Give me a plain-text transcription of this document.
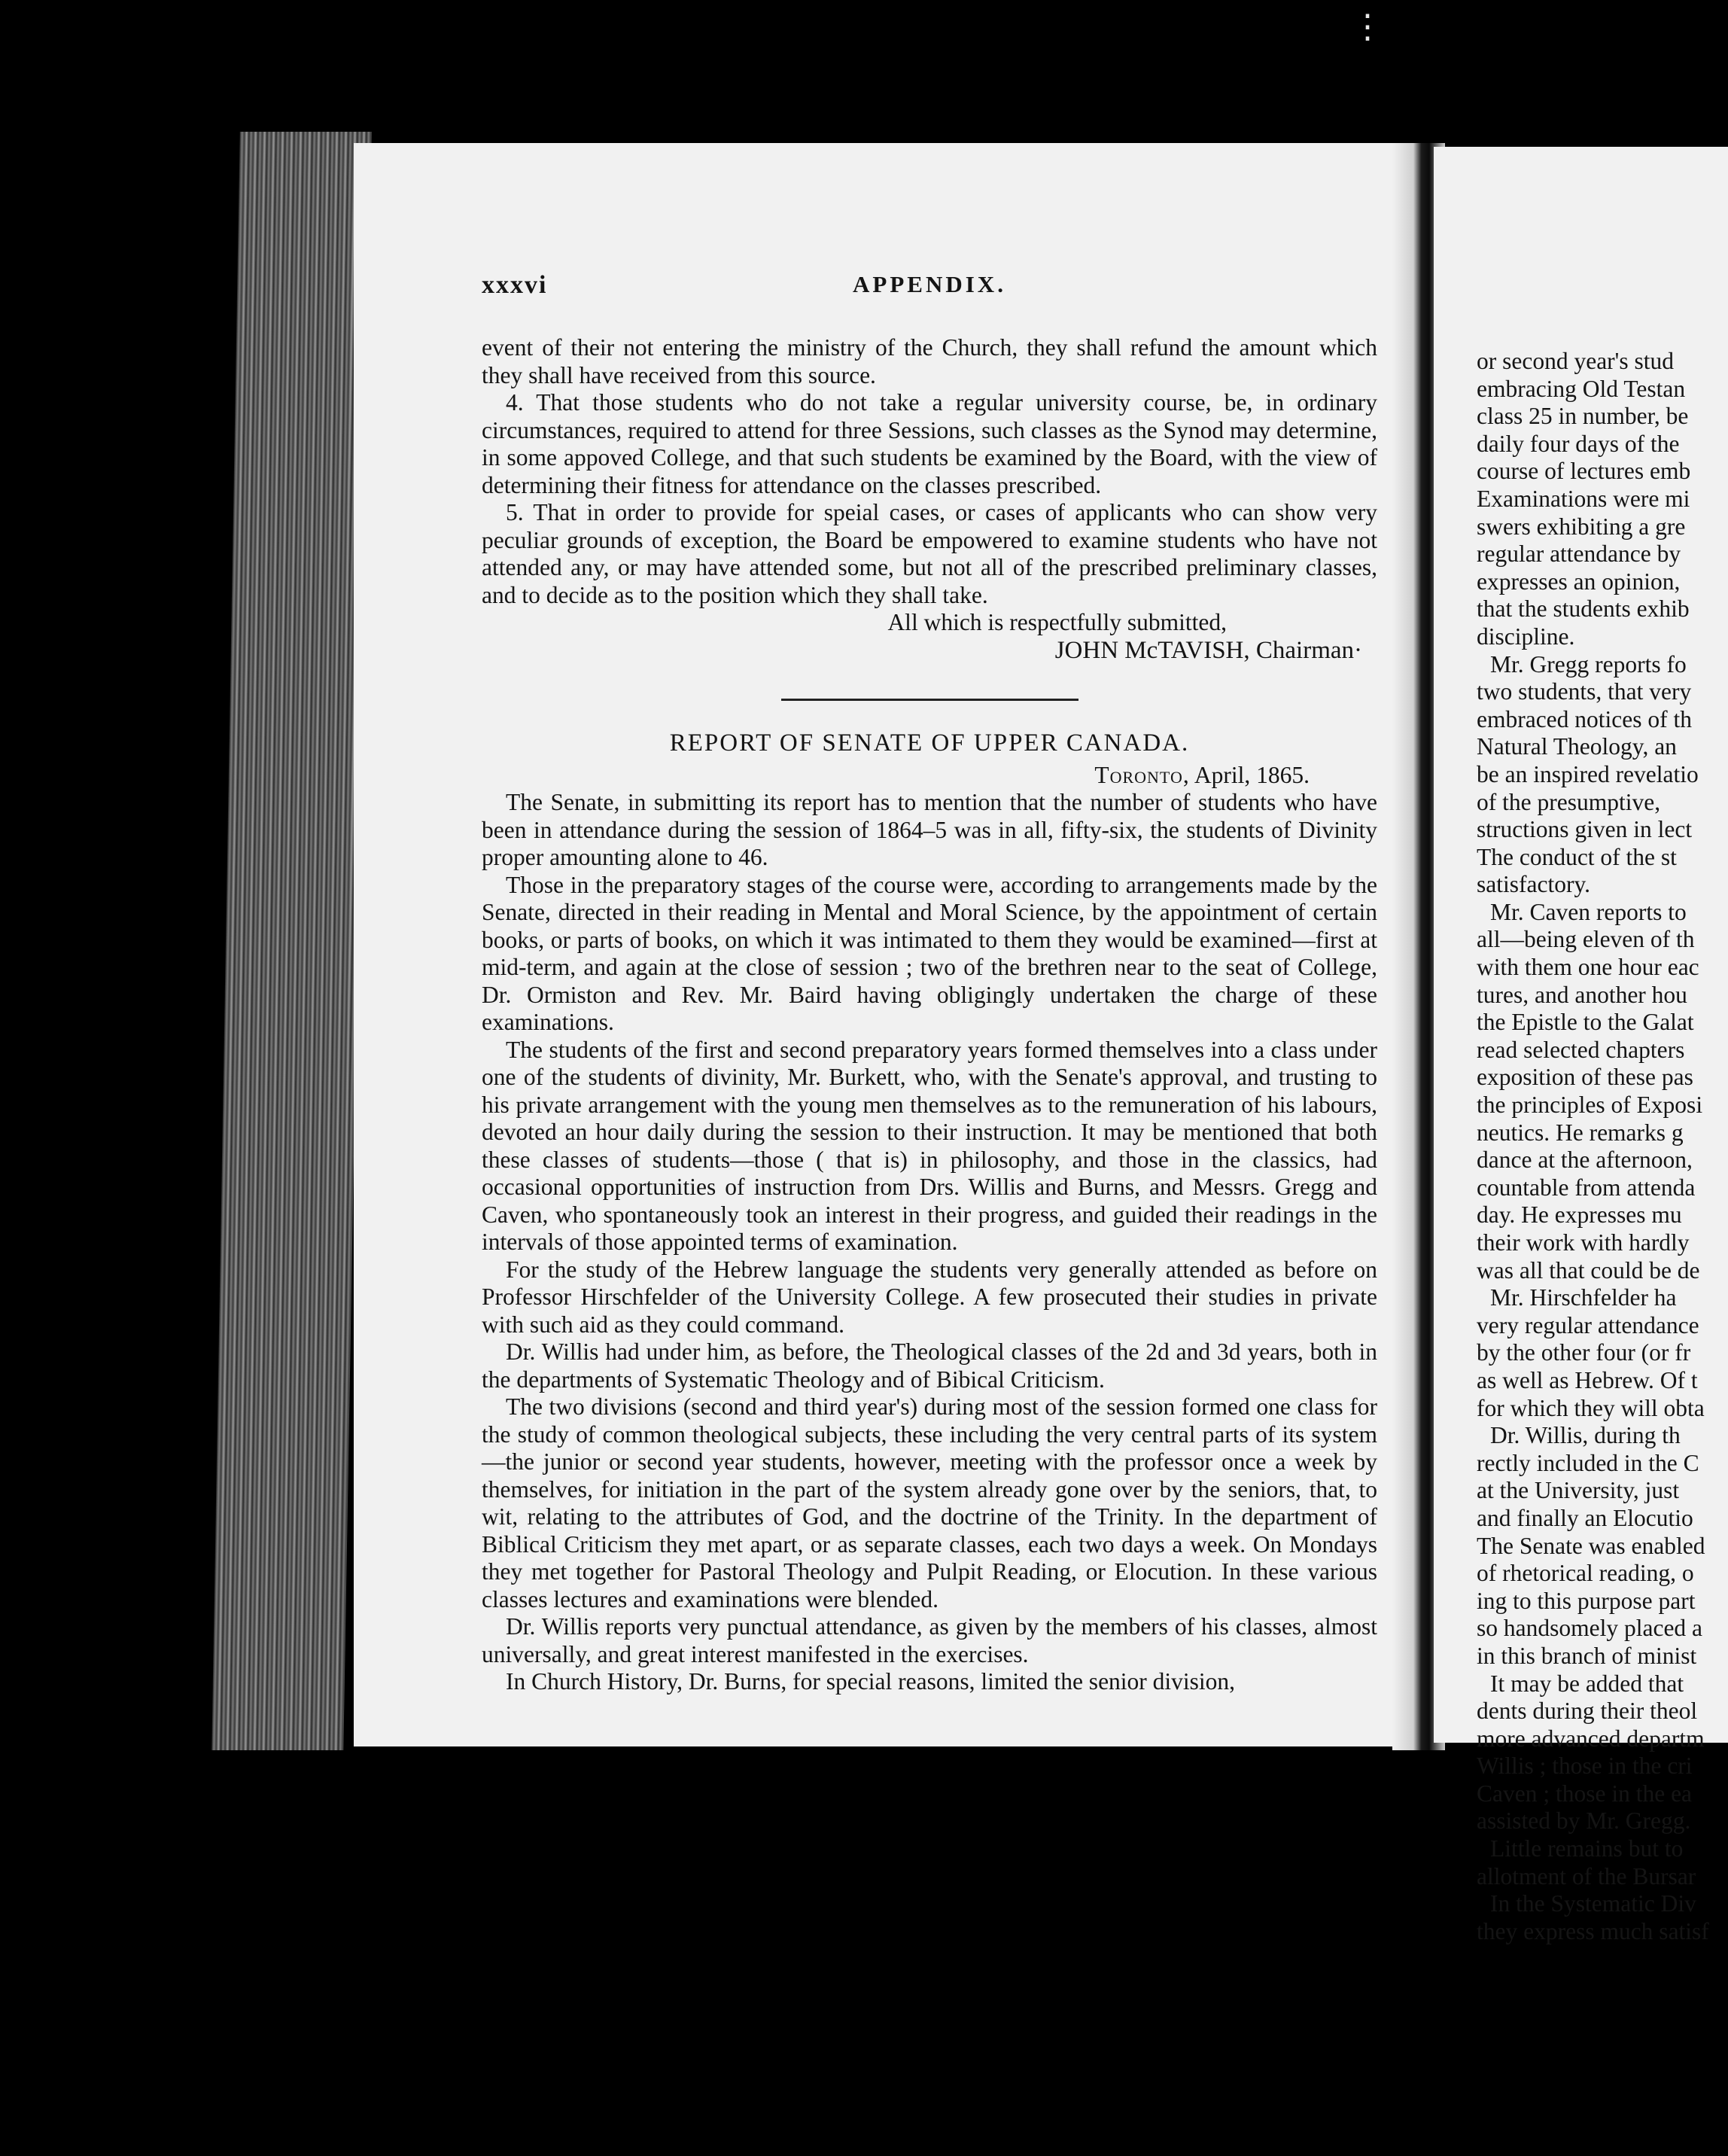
⋮
xxxvi	APPENDIX.

event of their not entering the ministry of the Church, they shall refund the amount which they shall have received from this source.

4. That those students who do not take a regular university course, be, in ordinary circumstances, required to attend for three Sessions, such classes as the Synod may determine, in some appoved College, and that such students be examined by the Board, with the view of determining their fitness for attendance on the classes prescribed.

5. That in order to provide for speial cases, or cases of applicants who can show very peculiar grounds of exception, the Board be empowered to examine students who have not attended any, or may have attended some, but not all of the prescribed preliminary classes, and to decide as to the position which they shall take.

All which is respectfully submitted,

JOHN McTAVISH, Chairman·

REPORT OF SENATE OF UPPER CANADA.

Toronto, April, 1865.

The Senate, in submitting its report has to mention that the number of students who have been in attendance during the session of 1864–5 was in all, fifty-six, the students of Divinity proper amounting alone to 46.

Those in the preparatory stages of the course were, according to arrangements made by the Senate, directed in their reading in Mental and Moral Science, by the appointment of certain books, or parts of books, on which it was intimated to them they would be examined—first at mid-term, and again at the close of session ; two of the brethren near to the seat of College, Dr. Ormiston and Rev. Mr. Baird having obligingly undertaken the charge of these examinations.

The students of the first and second preparatory years formed themselves into a class under one of the students of divinity, Mr. Burkett, who, with the Senate's approval, and trusting to his private arrangement with the young men themselves as to the remuneration of his labours, devoted an hour daily during the session to their instruction. It may be mentioned that both these classes of students—those ( that is) in philosophy, and those in the classics, had occasional opportunities of instruction from Drs. Willis and Burns, and Messrs. Gregg and Caven, who spontaneously took an interest in their progress, and guided their readings in the intervals of those appointed terms of examination.

For the study of the Hebrew language the students very generally attended as before on Professor Hirschfelder of the University College. A few prosecuted their studies in private with such aid as they could command.

Dr. Willis had under him, as before, the Theological classes of the 2d and 3d years, both in the departments of Systematic Theology and of Bibical Criticism.

The two divisions (second and third year's) during most of the session formed one class for the study of common theological subjects, these including the very central parts of its system—the junior or second year students, however, meeting with the professor once a week by themselves, for initiation in the part of the system already gone over by the seniors, that, to wit, relating to the attributes of God, and the doctrine of the Trinity. In the department of Biblical Criticism they met apart, or as separate classes, each two days a week. On Mondays they met together for Pastoral Theology and Pulpit Reading, or Elocution. In these various classes lectures and examinations were blended.

Dr. Willis reports very punctual attendance, as given by the members of his classes, almost universally, and great interest manifested in the exercises.

In Church History, Dr. Burns, for special reasons, limited the senior division,

or second year's stud
embracing Old Testan
class 25 in number, be
daily four days of the
course of lectures emb
Examinations were mi
swers exhibiting a gre
regular attendance by
expresses an opinion,
that the students exhib
discipline.
Mr. Gregg reports fo
two students, that very
embraced notices of th
Natural Theology, an
be an inspired revelatio
of the presumptive,
structions given in lect
The conduct of the st
satisfactory.
Mr. Caven reports to
all—being eleven of th
with them one hour eac
tures, and another hou
the Epistle to the Galat
read selected chapters
exposition of these pas
the principles of Exposi
neutics. He remarks g
dance at the afternoon,
countable from attenda
day. He expresses mu
their work with hardly
was all that could be de
Mr. Hirschfelder ha
very regular attendance
by the other four (or fr
as well as Hebrew. Of t
for which they will obta
Dr. Willis, during th
rectly included in the C
at the University, just
and finally an Elocutio
The Senate was enabled
of rhetorical reading, o
ing to this purpose part
so handsomely placed a
in this branch of minist
It may be added that
dents during their theol
more advanced departm
Willis ; those in the cri
Caven ; those in the ea
assisted by Mr. Gregg.
Little remains but to
allotment of the Bursar
In the Systematic Div
they express much satisf
